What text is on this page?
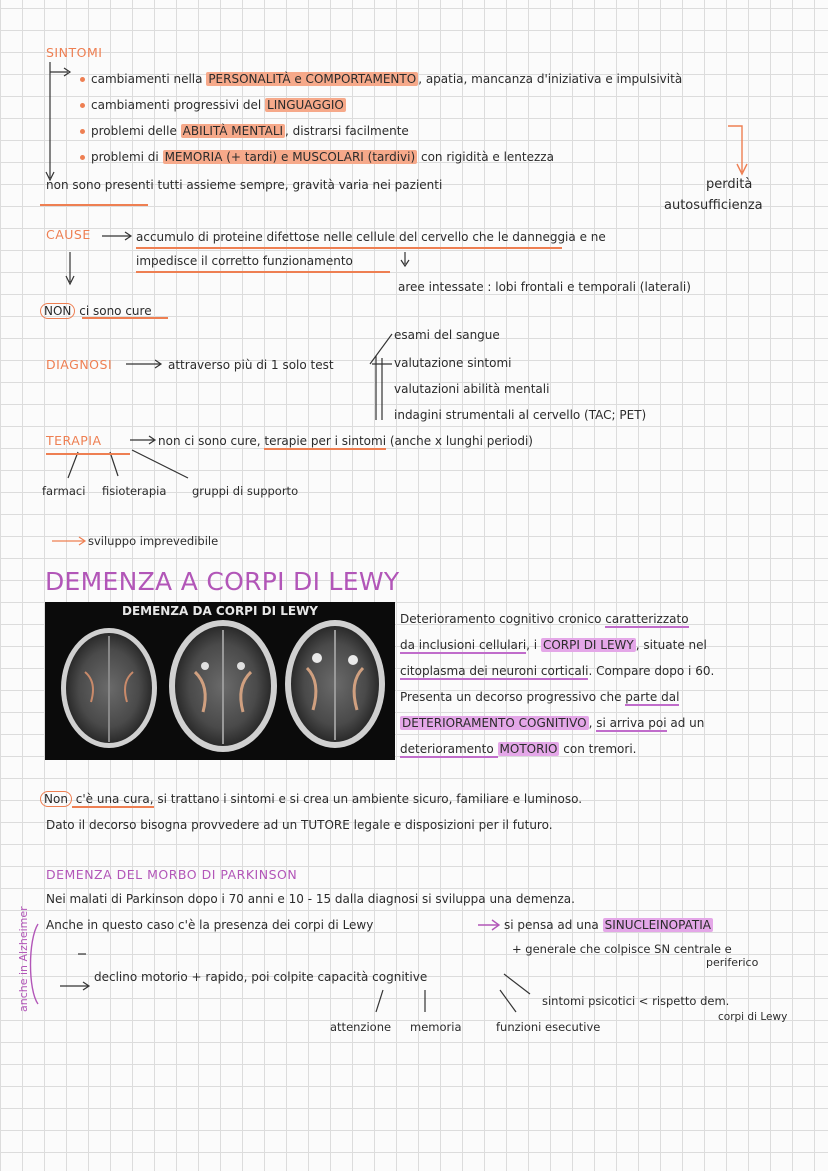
SINTOMI
cambiamenti nella PERSONALITÀ e COMPORTAMENTO , apatia, mancanza d'iniziativa e impulsività
cambiamenti progressivi del LINGUAGGIO
problemi delle ABILITÀ MENTALI , distrarsi facilmente
problemi di MEMORIA (+ tardi) e MUSCOLARI (tardivi) con rigidità e lentezza
non sono presenti tutti assieme sempre, gravità varia nei pazienti	perdità
autosufficienza
CAUSE	accumulo di proteine difettose nelle cellule del cervello che le danneggia e ne
impedisce il corretto funzionamento
aree intessate : lobi frontali e temporali (laterali)
NON ci sono cure
DIAGNOSI	attraverso più di 1 solo test
esami del sangue
valutazione sintomi
valutazioni abilità mentali
indagini strumentali al cervello (TAC; PET)
TERAPIA	non ci sono cure, terapie per i sintomi (anche x lunghi periodi)
farmaci fisioterapia gruppi di supporto
sviluppo imprevedibile
DEMENZA A CORPI DI LEWY
DEMENZA DA CORPI DI LEWY
Deterioramento cognitivo cronico caratterizzato
da inclusioni cellulari, i CORPI DI LEWY , situate nel
citoplasma dei neuroni corticali. Compare dopo i 60.
Presenta un decorso progressivo che parte dal
DETERIORAMENTO COGNITIVO , si arriva poi ad un
deterioramento MOTORIO con tremori.
Non c'è una cura, si trattano i sintomi e si crea un ambiente sicuro, familiare e luminoso.
Dato il decorso bisogna provvedere ad un TUTORE legale e disposizioni per il futuro.
DEMENZA DEL MORBO DI PARKINSON
Nei malati di Parkinson dopo i 70 anni e 10 - 15 dalla diagnosi si sviluppa una demenza.
Anche in questo caso c'è la presenza dei corpi di Lewy	si pensa ad una SINUCLEINOPATIA
+ generale che colpisce SN centrale e
periferico
anche in Alzheimer	declino motorio + rapido, poi colpite capacità cognitive
attenzione memoria	funzioni esecutive
sintomi psicotici < rispetto dem.
corpi di Lewy
